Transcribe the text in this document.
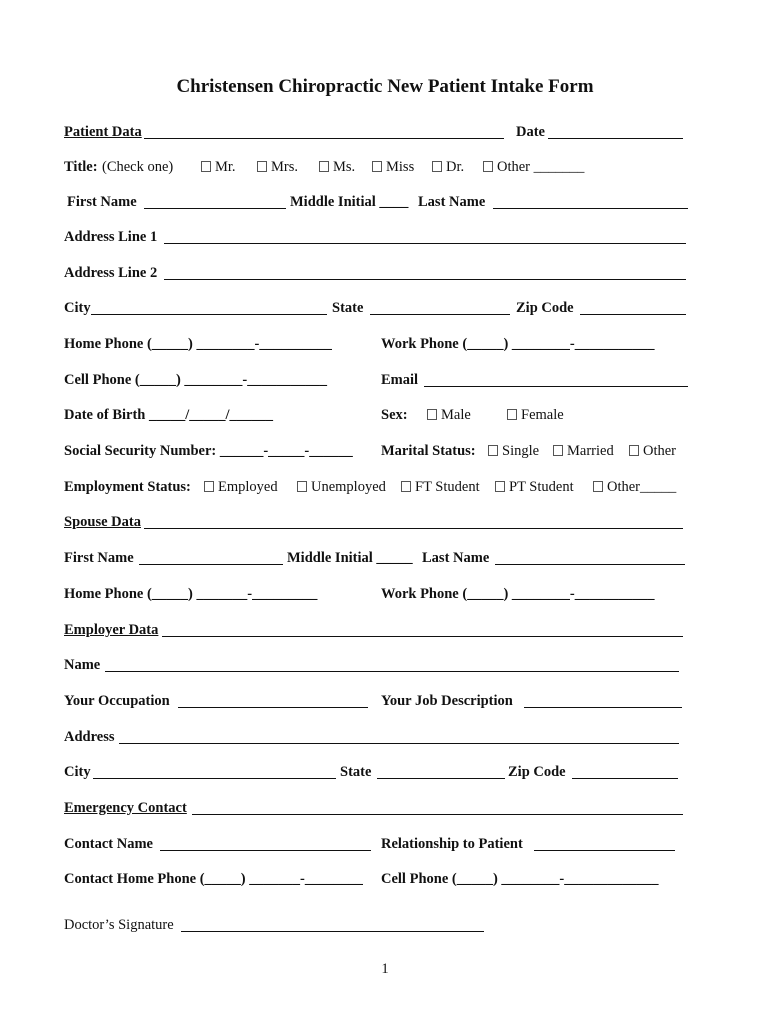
Christensen Chiropractic New Patient Intake Form
Patient Data	Date
Title: (Check one)	Mr.	Mrs.	Ms.	Miss	Dr.	Other _______
First Name	Middle Initial ____ Last Name
Address Line 1
Address Line 2
City	State	Zip Code
Home Phone (_____) ________-__________	Work Phone (_____) ________-___________
Cell Phone (_____) ________-___________	Email
Date of Birth _____/_____/______	Sex:	Male	Female
Social Security Number: ______-_____-______ Marital Status:	Single	Married	Other
Employment Status:	Employed	Unemployed	FT Student	PT Student	Other_____
Spouse Data
First Name	Middle Initial _____ Last Name
Home Phone (_____) _______-_________	Work Phone (_____) ________-___________
Employer Data
Name
Your Occupation	Your Job Description
Address
City	State	Zip Code
Emergency Contact
Contact Name	Relationship to Patient
Contact Home Phone (_____) _______-________ Cell Phone (_____) ________-_____________
Doctor’s Signature
1
